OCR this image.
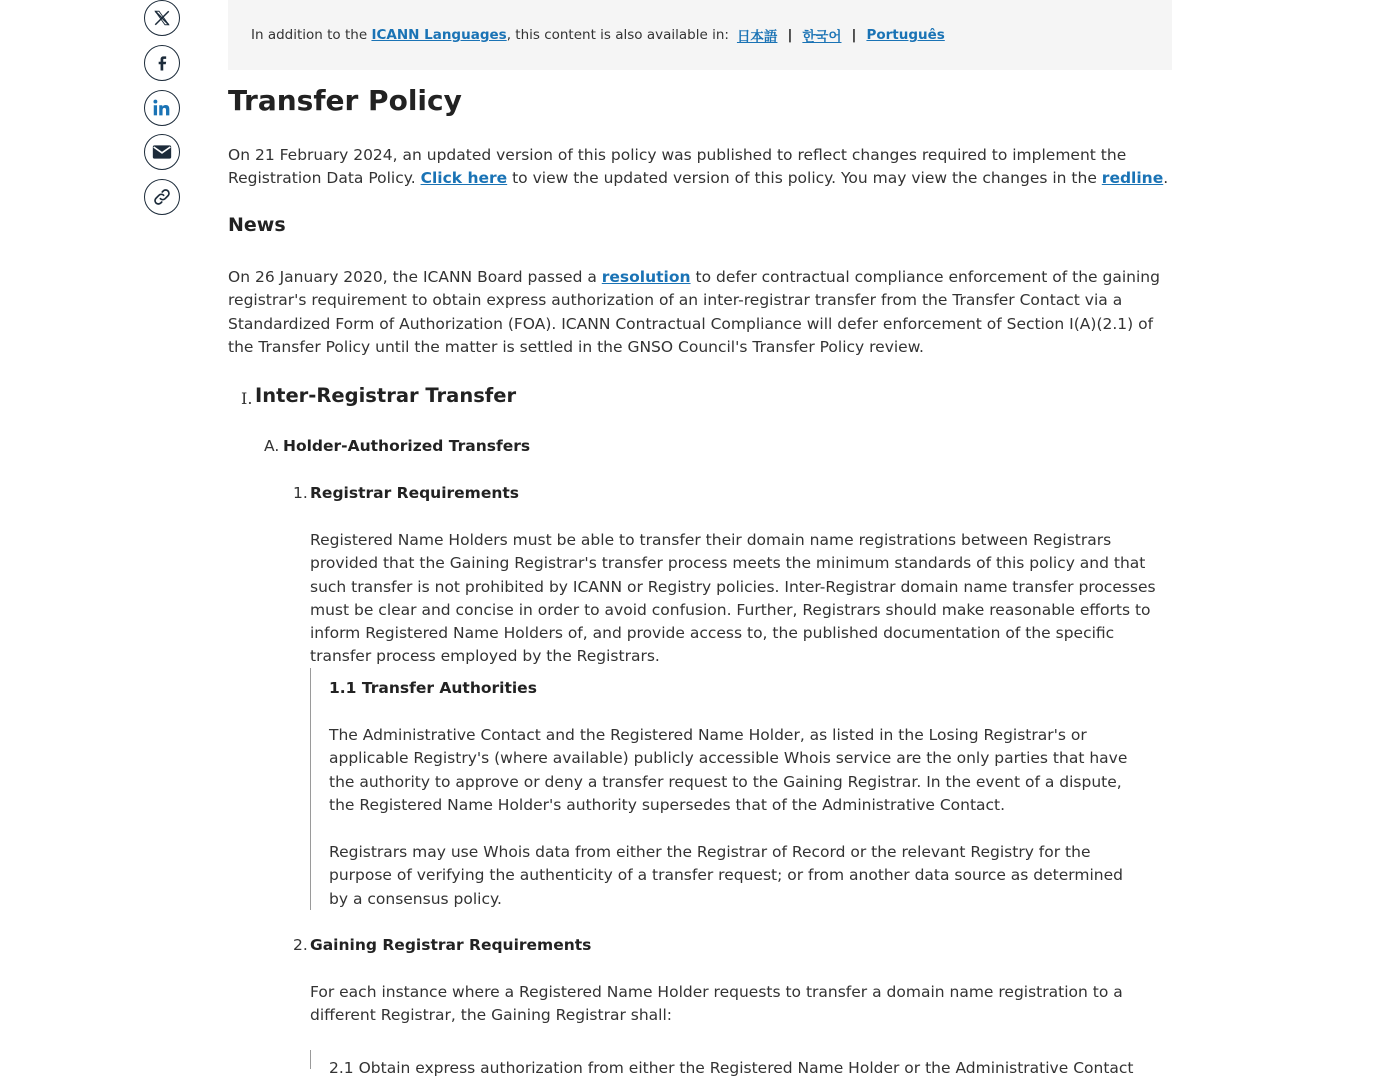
In addition to the ICANN Languages , this content is also available in: 日本語 | 한국어 | Português
Transfer Policy

On 21 February 2024, an updated version of this policy was published to reflect changes required to implement the Registration Data Policy. Click here to view the updated version of this policy. You may view the changes in the redline.

News

On 26 January 2020, the ICANN Board passed a resolution to defer contractual compliance enforcement of the gaining registrar's requirement to obtain express authorization of an inter-registrar transfer from the Transfer Contact via a Standardized Form of Authorization (FOA). ICANN Contractual Compliance will defer enforcement of Section I(A)(2.1) of the Transfer Policy until the matter is settled in the GNSO Council's Transfer Policy review.

I. Inter-Registrar Transfer
A. Holder-Authorized Transfers
1. Registrar Requirements

Registered Name Holders must be able to transfer their domain name registrations between Registrars provided that the Gaining Registrar's transfer process meets the minimum standards of this policy and that such transfer is not prohibited by ICANN or Registry policies. Inter-Registrar domain name transfer processes must be clear and concise in order to avoid confusion. Further, Registrars should make reasonable efforts to inform Registered Name Holders of, and provide access to, the published documentation of the specific transfer process employed by the Registrars.

1.1 Transfer Authorities

The Administrative Contact and the Registered Name Holder, as listed in the Losing Registrar's or applicable Registry's (where available) publicly accessible Whois service are the only parties that have the authority to approve or deny a transfer request to the Gaining Registrar. In the event of a dispute, the Registered Name Holder's authority supersedes that of the Administrative Contact.

Registrars may use Whois data from either the Registrar of Record or the relevant Registry for the purpose of verifying the authenticity of a transfer request; or from another data source as determined by a consensus policy.

2. Gaining Registrar Requirements

For each instance where a Registered Name Holder requests to transfer a domain name registration to a different Registrar, the Gaining Registrar shall:

2.1 Obtain express authorization from either the Registered Name Holder or the Administrative Contact
